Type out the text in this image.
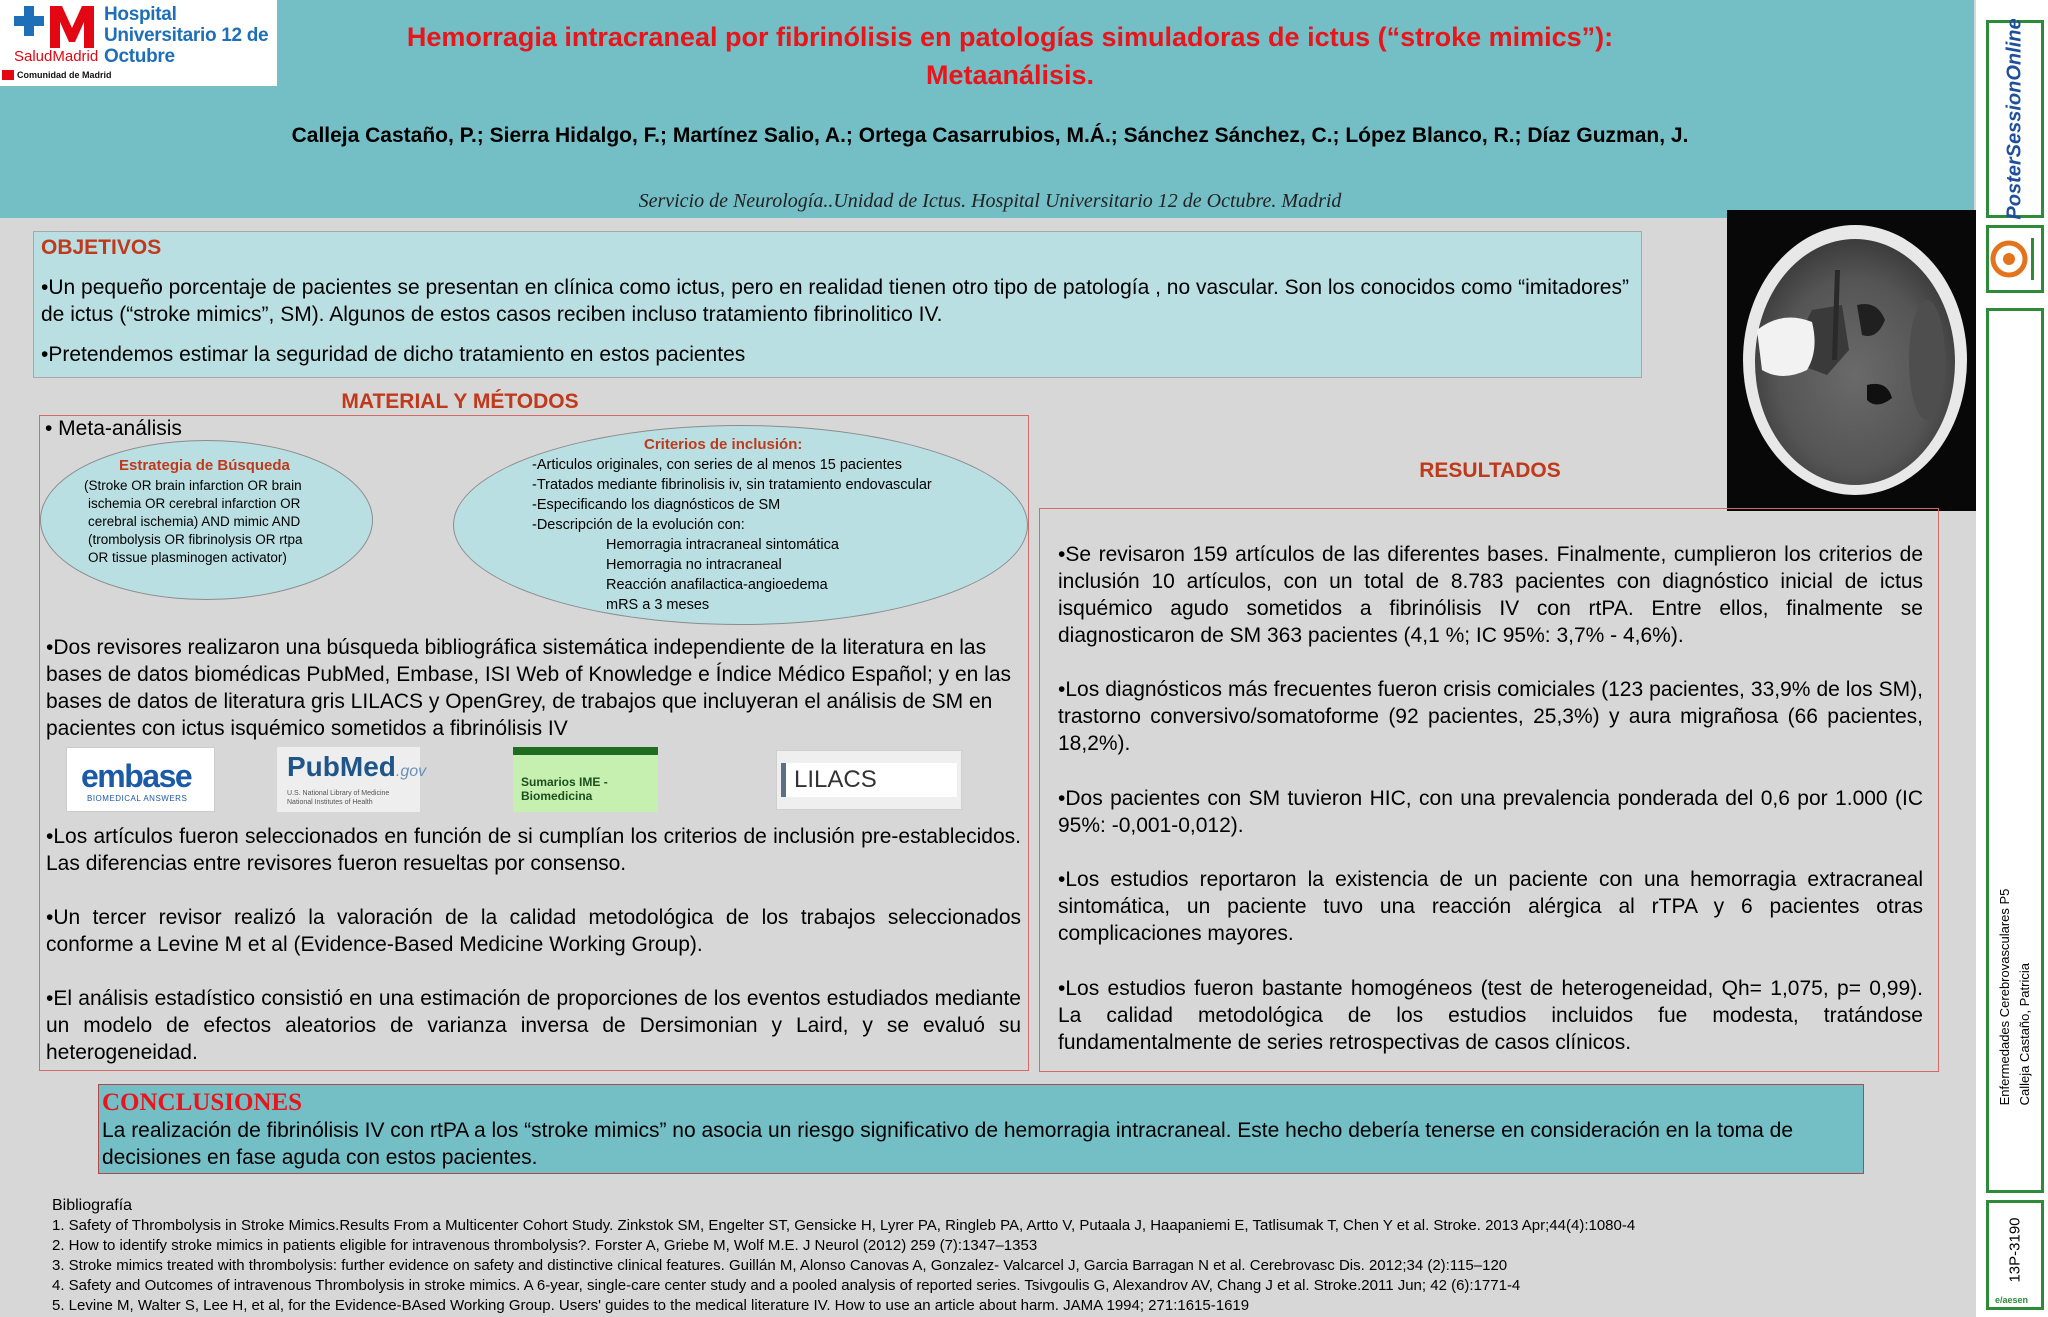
Hospital Universitario 12 de Octubre
SaludMadrid
Comunidad de Madrid
Hemorragia intracraneal por fibrinólisis en patologías simuladoras de ictus (“stroke mimics”): Metaanálisis.
Calleja Castaño, P.; Sierra Hidalgo, F.; Martínez Salio, A.; Ortega Casarrubios, M.Á.; Sánchez Sánchez, C.; López Blanco, R.; Díaz Guzman, J.
Servicio de Neurología..Unidad de Ictus. Hospital Universitario 12 de Octubre. Madrid	PosterSessionOnline
Enfermedades Cerebrovasculares P5 Calleja Castaño, Patricia
13P-3190
e/aesen
OBJETIVOS
•Un pequeño porcentaje de pacientes se presentan en clínica como ictus, pero en realidad tienen otro tipo de patología , no vascular. Son los conocidos como “imitadores” de ictus (“stroke mimics”, SM). Algunos de estos casos reciben incluso tratamiento fibrinolitico IV.
•Pretendemos estimar la seguridad de dicho tratamiento en estos pacientes
MATERIAL Y MÉTODOS
• Meta-análisis
Estrategia de Búsqueda
(Stroke OR brain infarction OR brain
ischemia OR cerebral infarction OR
cerebral ischemia) AND mimic AND
(trombolysis OR fibrinolysis OR rtpa
OR tissue plasminogen activator)
Criterios de inclusión:
-Articulos originales, con series de al menos 15 pacientes
-Tratados mediante fibrinolisis iv, sin tratamiento endovascular
-Especificando los diagnósticos de SM
-Descripción de la evolución con:
Hemorragia intracraneal sintomática
Hemorragia no intracraneal
Reacción anafilactica-angioedema
mRS a 3 meses
•Dos revisores realizaron una búsqueda bibliográfica sistemática independiente de la literatura en las bases de datos biomédicas PubMed, Embase, ISI Web of Knowledge e Índice Médico Español; y en las bases de datos de literatura gris LILACS y OpenGrey, de trabajos que incluyeran el análisis de SM en pacientes con ictus isquémico sometidos a fibrinólisis IV
embase
BIOMEDICAL ANSWERS
PubMed.gov
U.S. National Library of Medicine National Institutes of Health
Sumarios IME - Biomedicina
LILACS
•Los artículos fueron seleccionados en función de si cumplían los criterios de inclusión pre-establecidos. Las diferencias entre revisores fueron resueltas por consenso.
•Un tercer revisor realizó la valoración de la calidad metodológica de los trabajos seleccionados conforme a Levine M et al (Evidence-Based Medicine Working Group).
•El análisis estadístico consistió en una estimación de proporciones de los eventos estudiados mediante un modelo de efectos aleatorios de varianza inversa de Dersimonian y Laird, y se evaluó su heterogeneidad.
RESULTADOS
•Se revisaron 159 artículos de las diferentes bases. Finalmente, cumplieron los criterios de inclusión 10 artículos, con un total de 8.783 pacientes con diagnóstico inicial de ictus isquémico agudo sometidos a fibrinólisis IV con rtPA. Entre ellos, finalmente se diagnosticaron de SM 363 pacientes (4,1 %; IC 95%: 3,7% - 4,6%).
•Los diagnósticos más frecuentes fueron crisis comiciales (123 pacientes, 33,9% de los SM), trastorno conversivo/somatoforme (92 pacientes, 25,3%) y aura migrañosa (66 pacientes, 18,2%).
•Dos pacientes con SM tuvieron HIC, con una prevalencia ponderada del 0,6 por 1.000 (IC 95%: -0,001-0,012).
•Los estudios reportaron la existencia de un paciente con una hemorragia extracraneal sintomática, un paciente tuvo una reacción alérgica al rTPA y 6 pacientes otras complicaciones mayores.
•Los estudios fueron bastante homogéneos (test de heterogeneidad, Qh= 1,075, p= 0,99). La calidad metodológica de los estudios incluidos fue modesta, tratándose fundamentalmente de series retrospectivas de casos clínicos.
CONCLUSIONES
La realización de fibrinólisis IV con rtPA a los “stroke mimics” no asocia un riesgo significativo de hemorragia intracraneal. Este hecho debería tenerse en consideración en la toma de decisiones en fase aguda con estos pacientes.
Bibliografía
1. Safety of Thrombolysis in Stroke Mimics.Results From a Multicenter Cohort Study. Zinkstok SM, Engelter ST, Gensicke H, Lyrer PA, Ringleb PA, Artto V, Putaala J, Haapaniemi E, Tatlisumak T, Chen Y et al. Stroke. 2013 Apr;44(4):1080-4
2. How to identify stroke mimics in patients eligible for intravenous thrombolysis?. Forster A, Griebe M, Wolf M.E. J Neurol (2012) 259 (7):1347–1353
3. Stroke mimics treated with thrombolysis: further evidence on safety and distinctive clinical features. Guillán M, Alonso Canovas A, Gonzalez- Valcarcel J, Garcia Barragan N et al. Cerebrovasc Dis. 2012;34 (2):115–120
4. Safety and Outcomes of intravenous Thrombolysis in stroke mimics. A 6-year, single-care center study and a pooled analysis of reported series. Tsivgoulis G, Alexandrov AV, Chang J et al. Stroke.2011 Jun; 42 (6):1771-4
5. Levine M, Walter S, Lee H, et al, for the Evidence-BAsed Working Group. Users' guides to the medical literature IV. How to use an article about harm. JAMA 1994; 271:1615-1619
